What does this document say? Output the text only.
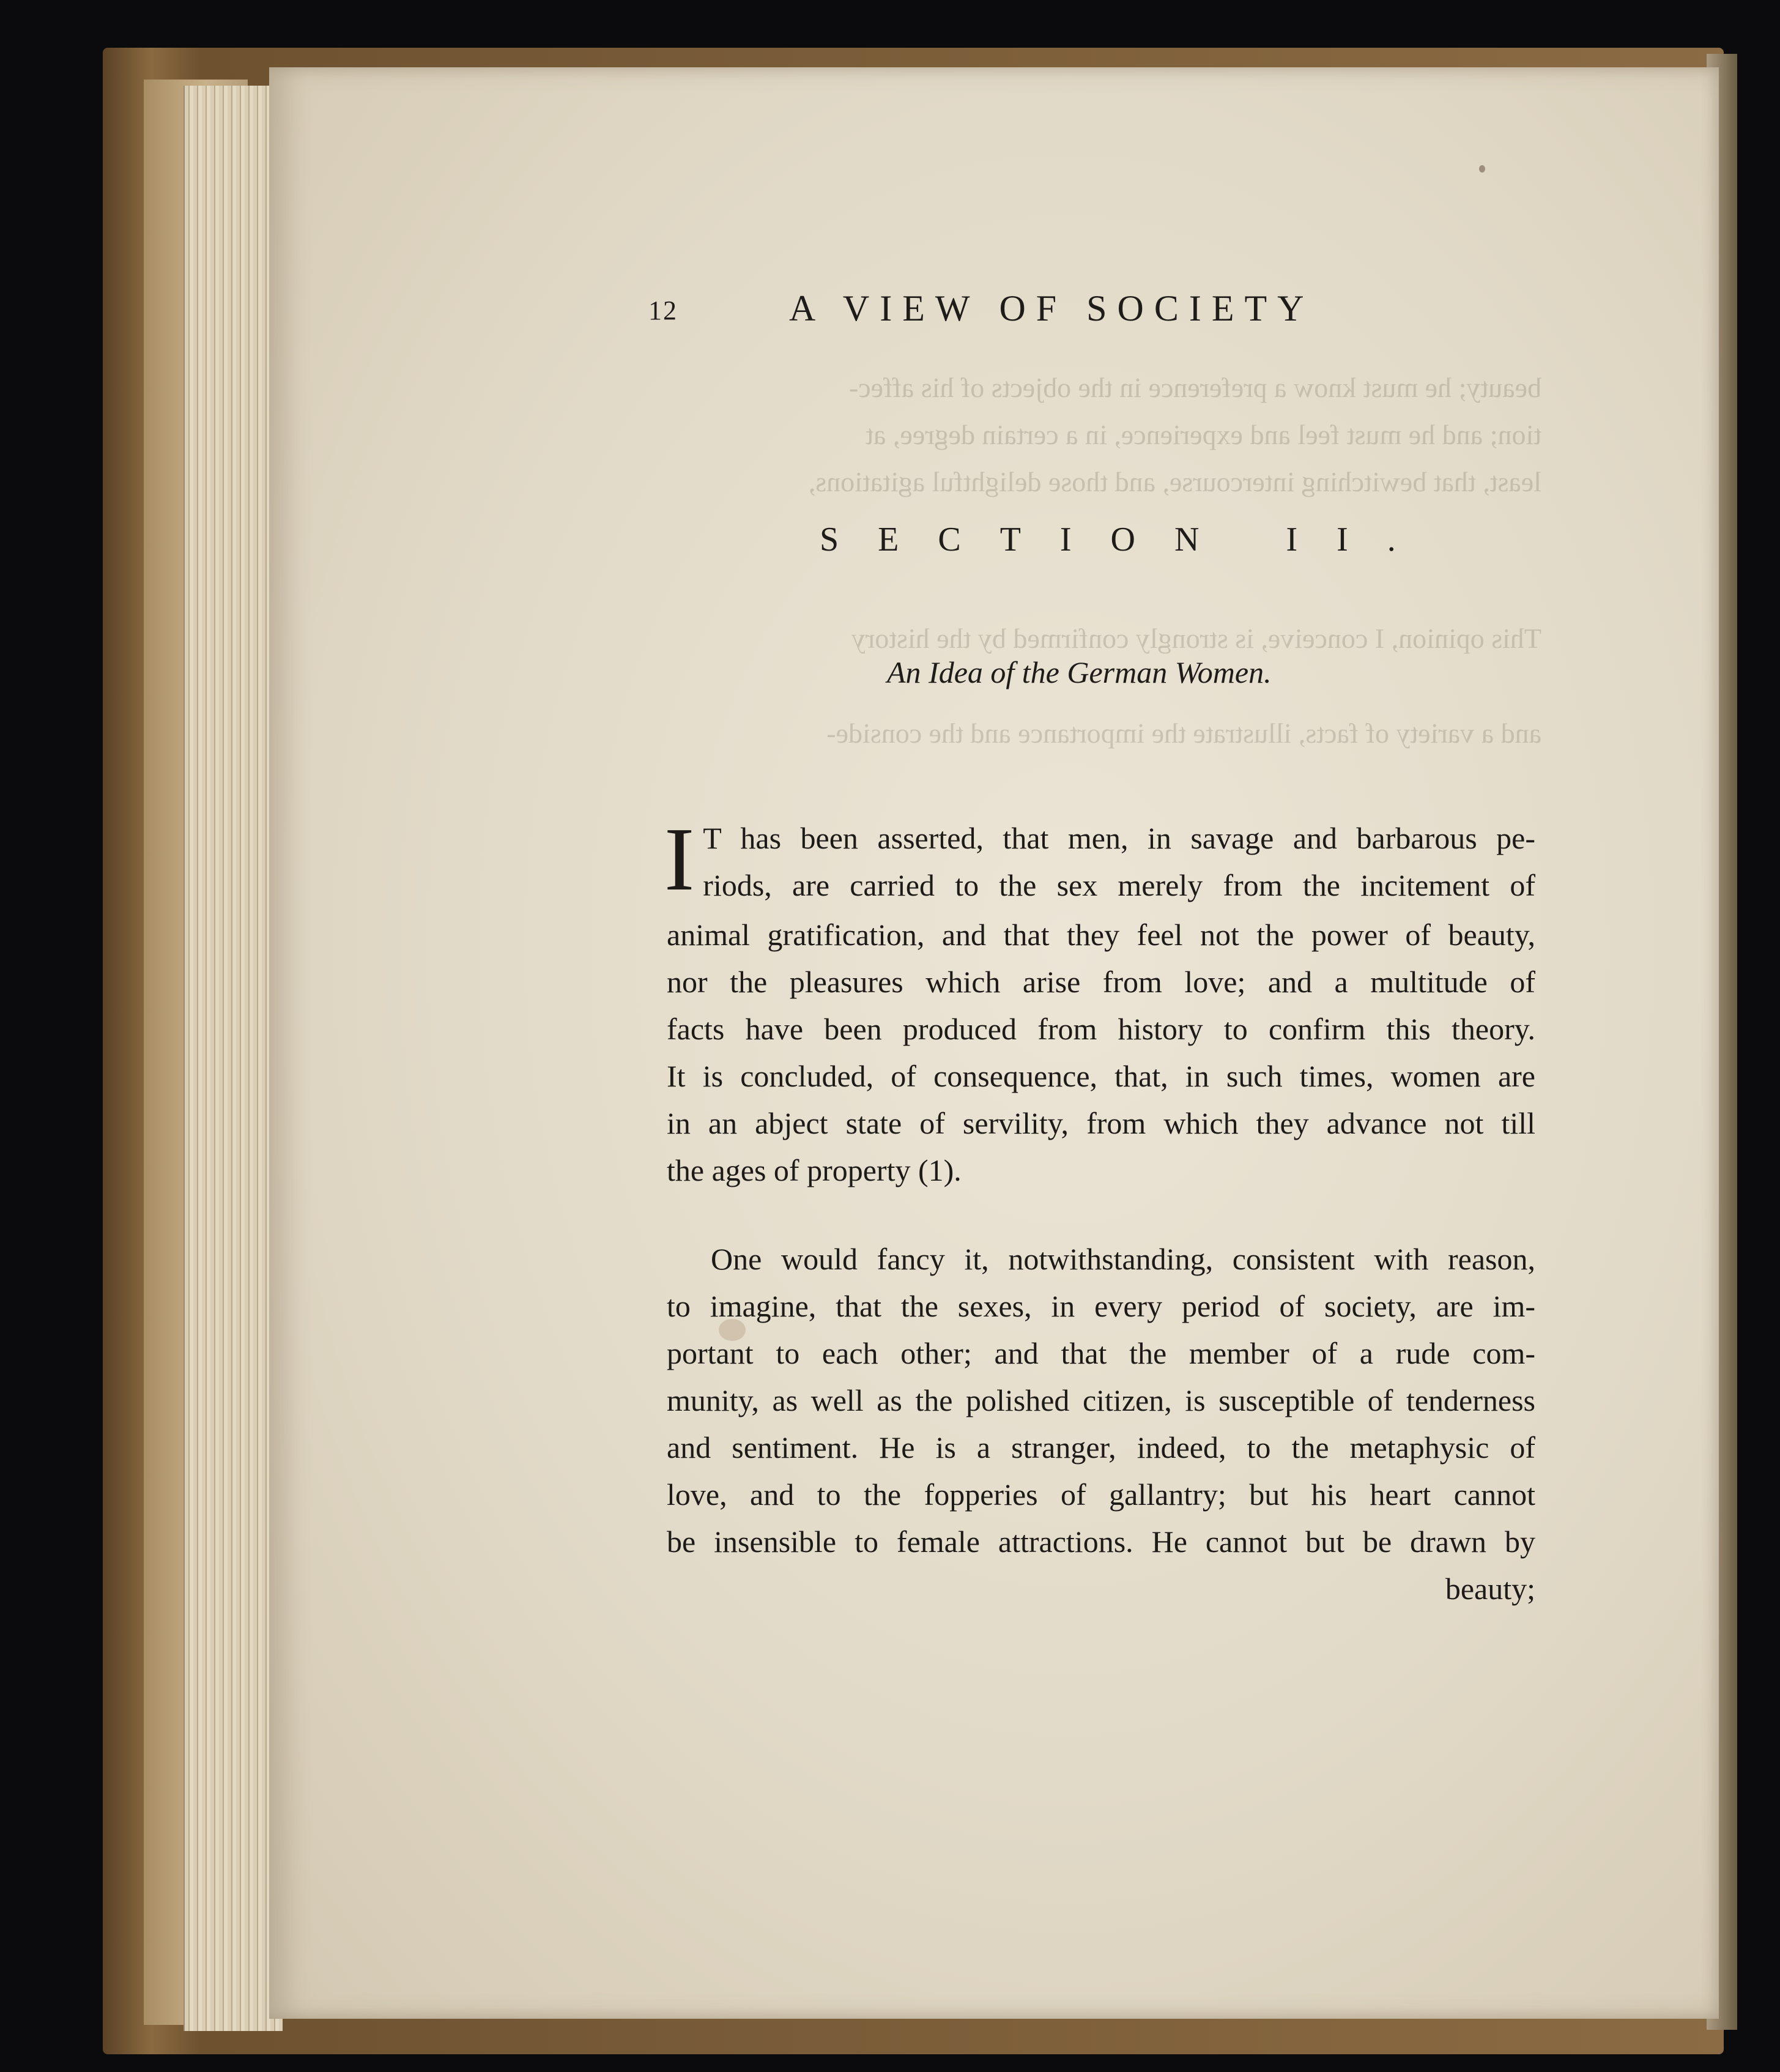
beauty; he must know a preference in the objects of his affec-
tion; and he must feel and experience, in a certain degree, at
least, that bewitching intercourse, and those delightful agitations,
This opinion, I conceive, is strongly confirmed by the history
and a variety of facts, illustrate the importance and the conside-
12	A VIEW OF SOCIETY
SECTION II.
An Idea of the German Women.
I T has been asserted, that men, in savage and barbarous pe-
riods, are carried to the sex merely from the incitement of
animal gratification, and that they feel not the power of beauty,
nor the pleasures which arise from love; and a multitude of
facts have been produced from history to confirm this theory.
It is concluded, of consequence, that, in such times, women are
in an abject state of servility, from which they advance not till
the ages of property (1).
One would fancy it, notwithstanding, consistent with reason,
to imagine, that the sexes, in every period of society, are im-
portant to each other; and that the member of a rude com-
munity, as well as the polished citizen, is susceptible of tenderness
and sentiment. He is a stranger, indeed, to the metaphysic of
love, and to the fopperies of gallantry; but his heart cannot
be insensible to female attractions. He cannot but be drawn by
beauty;
